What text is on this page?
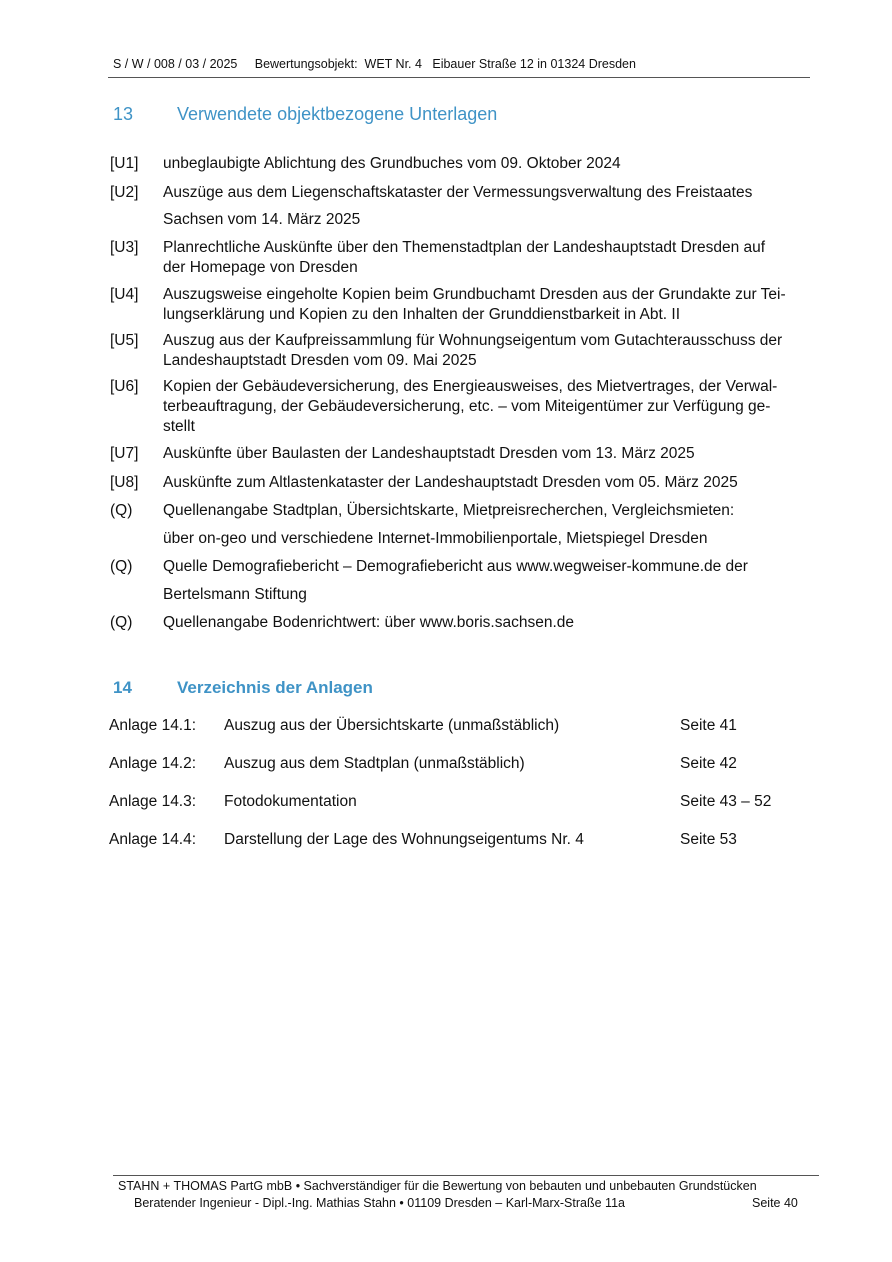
S / W / 008 / 03 / 2025     Bewertungsobjekt:  WET Nr. 4   Eibauer Straße 12 in 01324 Dresden
13 Verwendete objektbezogene Unterlagen
[U1]	unbeglaubigte Ablichtung des Grundbuches vom 09. Oktober 2024
[U2]	Auszüge aus dem Liegenschaftskataster der Vermessungsverwaltung des Freistaates
Sachsen vom 14. März 2025
[U3]	Planrechtliche Auskünfte über den Themenstadtplan der Landeshauptstadt Dresden auf
der Homepage von Dresden
[U4]	Auszugsweise eingeholte Kopien beim Grundbuchamt Dresden aus der Grundakte zur Tei-
lungserklärung und Kopien zu den Inhalten der Grunddienstbarkeit in Abt. II
[U5]	Auszug aus der Kaufpreissammlung für Wohnungseigentum vom Gutachterausschuss der
Landeshauptstadt Dresden vom 09. Mai 2025
[U6]	Kopien der Gebäudeversicherung, des Energieausweises, des Mietvertrages, der Verwal-
terbeauftragung, der Gebäudeversicherung, etc. – vom Miteigentümer zur Verfügung ge-
stellt
[U7]	Auskünfte über Baulasten der Landeshauptstadt Dresden vom 13. März 2025
[U8]	Auskünfte zum Altlastenkataster der Landeshauptstadt Dresden vom 05. März 2025
(Q)	Quellenangabe Stadtplan, Übersichtskarte, Mietpreisrecherchen, Vergleichsmieten:
über on-geo und verschiedene Internet-Immobilienportale, Mietspiegel Dresden
(Q)	Quelle Demografiebericht – Demografiebericht aus www.wegweiser-kommune.de der
Bertelsmann Stiftung
(Q)	Quellenangabe Bodenrichtwert: über www.boris.sachsen.de
14	Verzeichnis der Anlagen
Anlage 14.1: Auszug aus der Übersichtskarte (unmaßstäblich)	Seite 41
Anlage 14.2: Auszug aus dem Stadtplan (unmaßstäblich)	Seite 42
Anlage 14.3: Fotodokumentation	Seite 43 – 52
Anlage 14.4: Darstellung der Lage des Wohnungseigentums Nr. 4	Seite 53
STAHN + THOMAS PartG mbB • Sachverständiger für die Bewertung von bebauten und unbebauten Grundstücken
Beratender Ingenieur - Dipl.-Ing. Mathias Stahn • 01109 Dresden – Karl-Marx-Straße 11a	Seite 40
